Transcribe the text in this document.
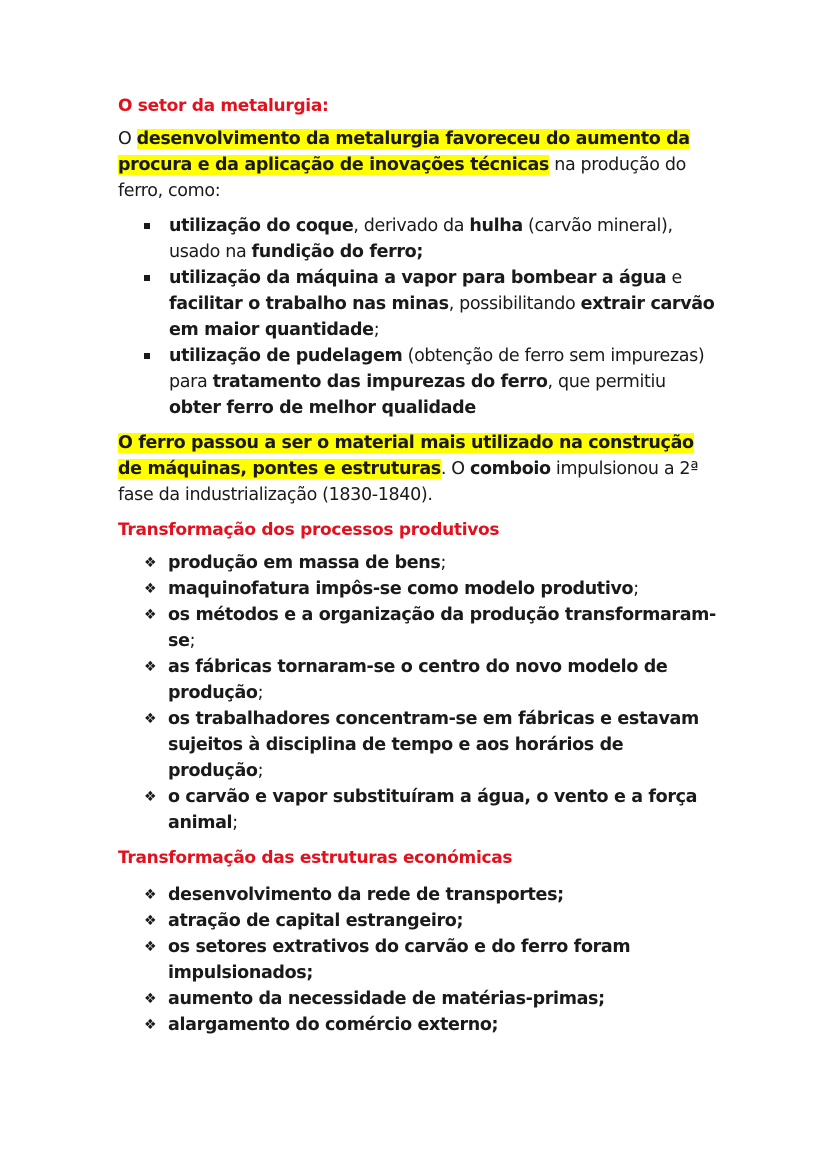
O setor da metalurgia:

O desenvolvimento da metalurgia favoreceu do aumento da procura e da aplicação de inovações técnicas na produção do ferro, como:

utilização do coque, derivado da hulha (carvão mineral), usado na fundição do ferro;
utilização da máquina a vapor para bombear a água e facilitar o trabalho nas minas, possibilitando extrair carvão em maior quantidade;
utilização de pudelagem (obtenção de ferro sem impurezas) para tratamento das impurezas do ferro, que permitiu obter ferro de melhor qualidade

O ferro passou a ser o material mais utilizado na construção de máquinas, pontes e estruturas. O comboio impulsionou a 2ª fase da industrialização (1830-1840).

Transformação dos processos produtivos
❖ produção em massa de bens;
❖ maquinofatura impôs-se como modelo produtivo;
❖ os métodos e a organização da produção transformaram-se;
❖ as fábricas tornaram-se o centro do novo modelo de produção;
❖ os trabalhadores concentram-se em fábricas e estavam sujeitos à disciplina de tempo e aos horários de produção;
❖ o carvão e vapor substituíram a água, o vento e a força animal;
Transformação das estruturas económicas
❖ desenvolvimento da rede de transportes;
❖ atração de capital estrangeiro;
❖ os setores extrativos do carvão e do ferro foram impulsionados;
❖ aumento da necessidade de matérias-primas;
❖ alargamento do comércio externo;
